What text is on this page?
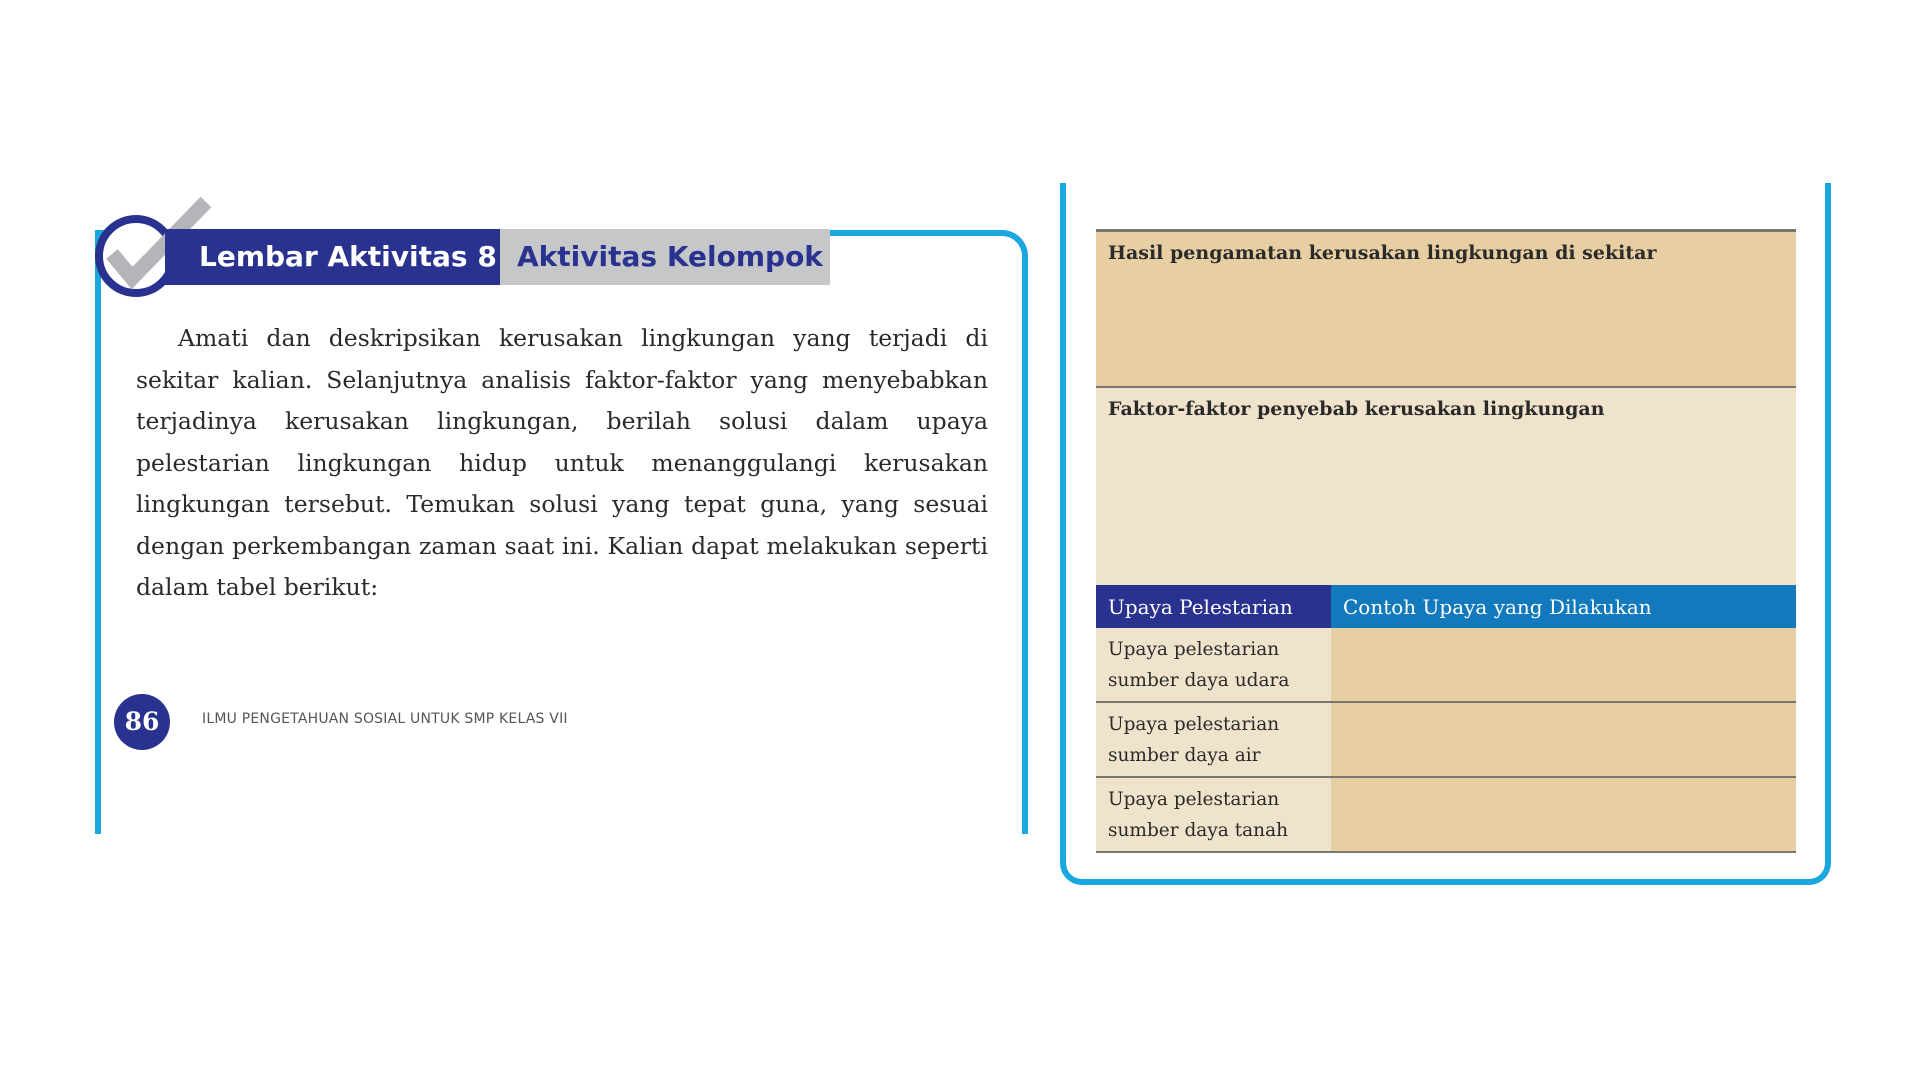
Lembar Aktivitas 8 Aktivitas Kelompok

Amati dan deskripsikan kerusakan lingkungan yang terjadi di sekitar kalian. Selanjutnya analisis faktor-faktor yang menyebabkan terjadinya kerusakan lingkungan, berilah solusi dalam upaya pelestarian lingkungan hidup untuk menanggulangi kerusakan lingkungan tersebut. Temukan solusi yang tepat guna, yang sesuai dengan perkembangan zaman saat ini. Kalian dapat melakukan seperti dalam tabel berikut:

86	ILMU PENGETAHUAN SOSIAL UNTUK SMP KELAS VII
Hasil pengamatan kerusakan lingkungan di sekitar
Faktor-faktor penyebab kerusakan lingkungan
Upaya Pelestarian	Contoh Upaya yang Dilakukan
Upaya pelestarian
sumber daya udara	
Upaya pelestarian
sumber daya air	
Upaya pelestarian
sumber daya tanah	
